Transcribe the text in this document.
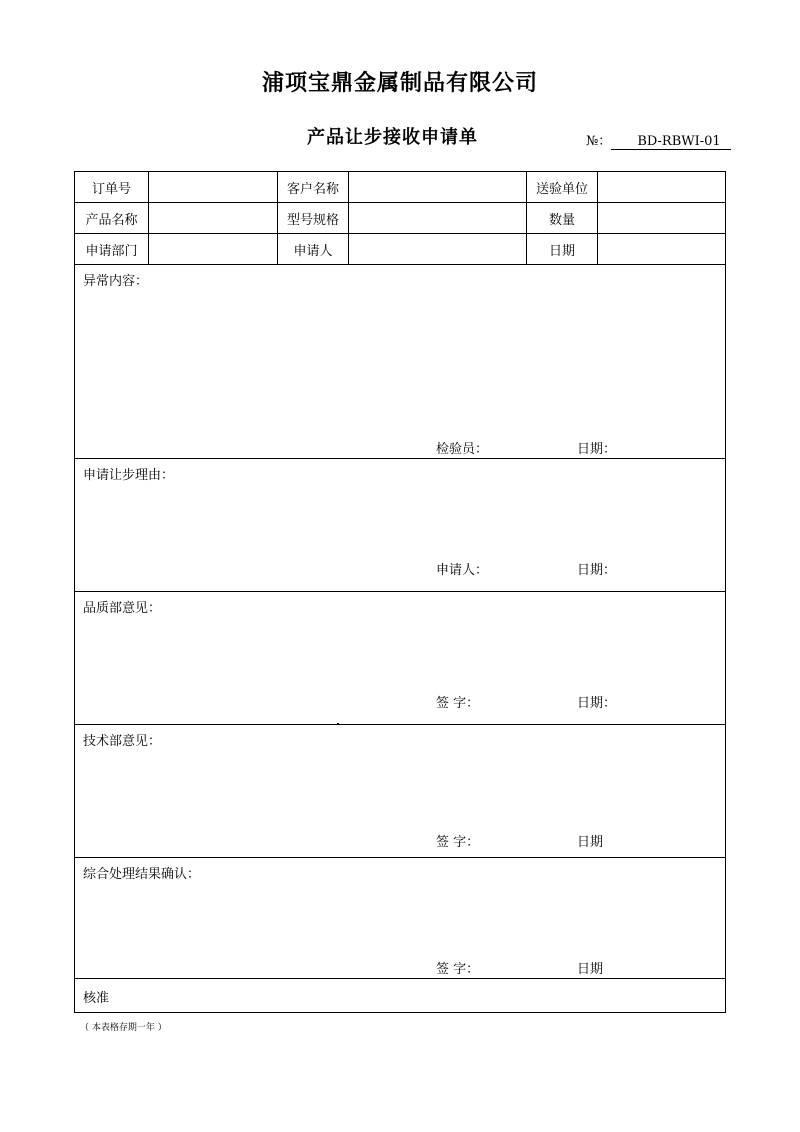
浦项宝鼎金属制品有限公司
产品让步接收申请单	№： BD-RBWI-01
订单号	客户名称	送验单位
产品名称	型号规格	数量
申请部门	申请人	日期
异常内容：
检验员：	日期：
申请让步理由：
申请人：	日期：
品质部意见：
签 字：	日期：
技术部意见：
签 字：	日期
综合处理结果确认：
签 字：	日期
核准
（ 本表格存期一年 ）
